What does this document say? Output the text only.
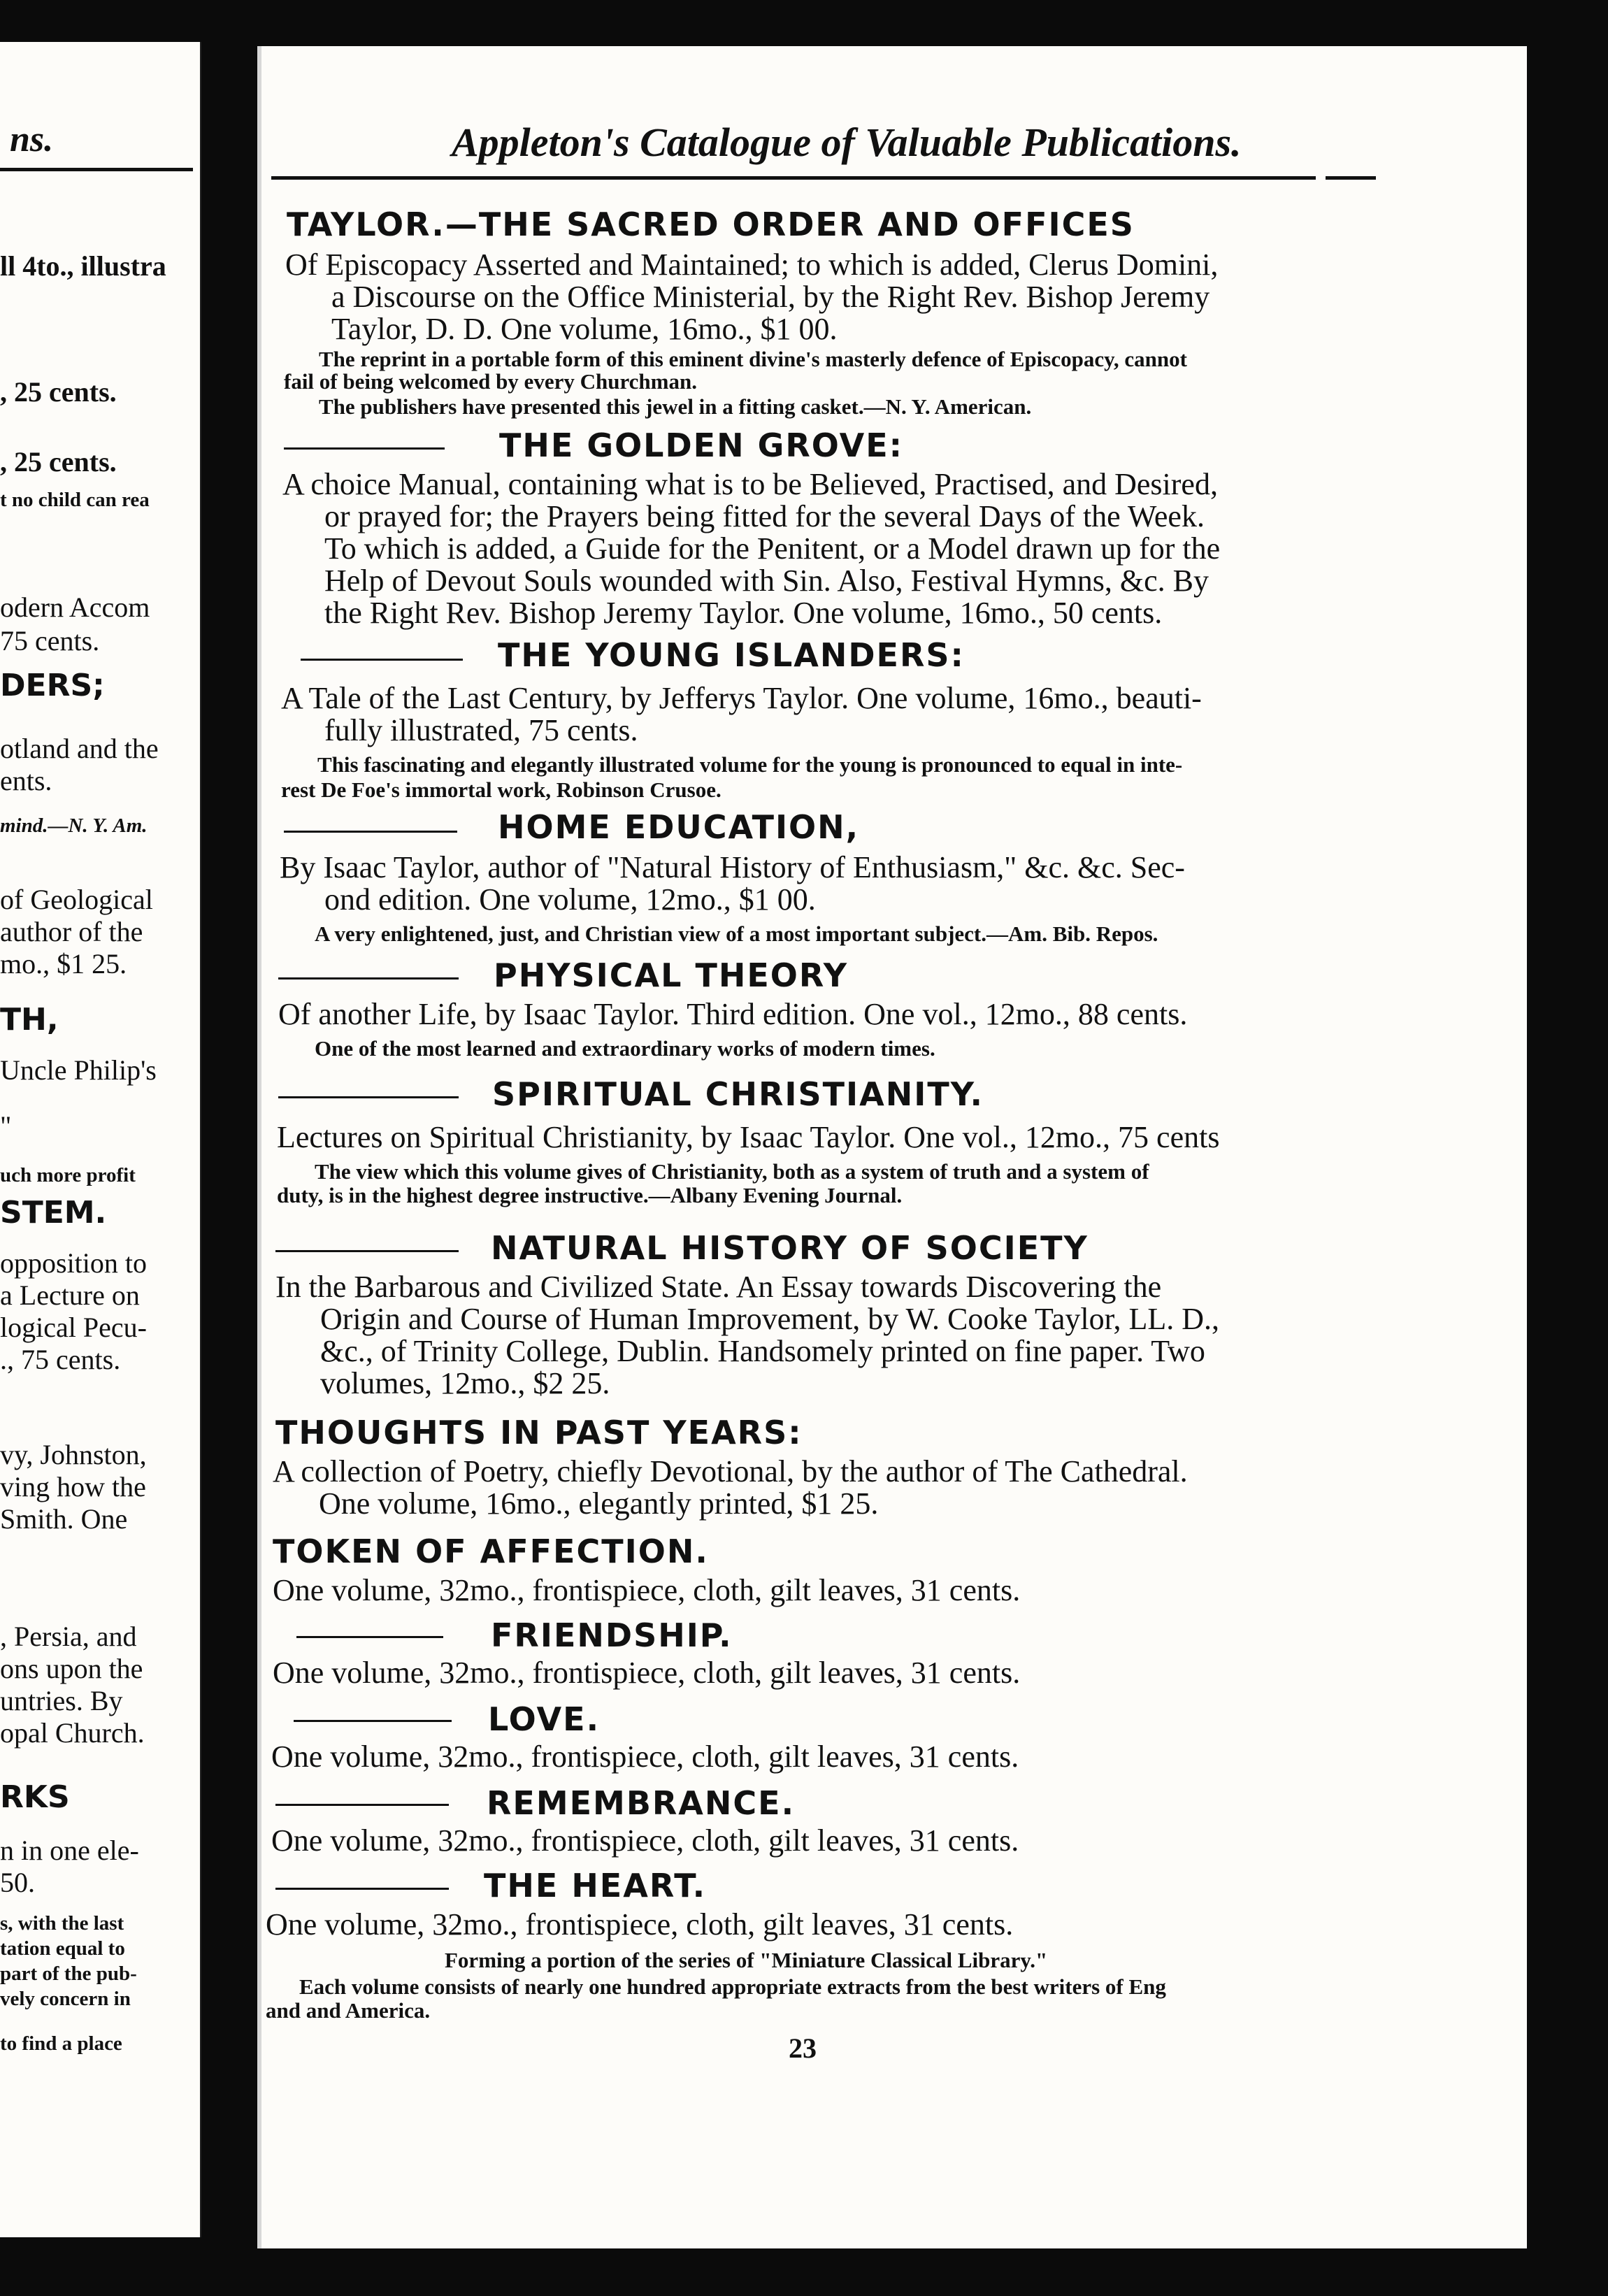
ns.
ll 4to., illustra
, 25 cents.
, 25 cents.
t no child can rea
odern Accom
75 cents.
DERS;
otland and the
ents.
mind.—N. Y. Am.
of Geological
author of the
mo., $1 25.
TH,
Uncle Philip's
"
uch more profit
STEM.
opposition to
a Lecture on
logical Pecu-
., 75 cents.
vy, Johnston,
ving how the
Smith. One
, Persia, and
ons upon the
untries. By
opal Church.
RKS
n in one ele-
50.
s, with the last
tation equal to
part of the pub-
vely concern in
to find a place
Appleton's Catalogue of Valuable Publications.
TAYLOR.—THE SACRED ORDER AND OFFICES
Of Episcopacy Asserted and Maintained; to which is added, Clerus Domini,
a Discourse on the Office Ministerial, by the Right Rev. Bishop Jeremy
Taylor, D. D. One volume, 16mo., $1 00.
The reprint in a portable form of this eminent divine's masterly defence of Episcopacy, cannot
fail of being welcomed by every Churchman.
The publishers have presented this jewel in a fitting casket.—N. Y. American.
THE GOLDEN GROVE:
A choice Manual, containing what is to be Believed, Practised, and Desired,
or prayed for; the Prayers being fitted for the several Days of the Week.
To which is added, a Guide for the Penitent, or a Model drawn up for the
Help of Devout Souls wounded with Sin. Also, Festival Hymns, &c. By
the Right Rev. Bishop Jeremy Taylor. One volume, 16mo., 50 cents.
THE YOUNG ISLANDERS:
A Tale of the Last Century, by Jefferys Taylor. One volume, 16mo., beauti-
fully illustrated, 75 cents.
This fascinating and elegantly illustrated volume for the young is pronounced to equal in inte-
rest De Foe's immortal work, Robinson Crusoe.
HOME EDUCATION,
By Isaac Taylor, author of "Natural History of Enthusiasm," &c. &c. Sec-
ond edition. One volume, 12mo., $1 00.
A very enlightened, just, and Christian view of a most important subject.—Am. Bib. Repos.
PHYSICAL THEORY
Of another Life, by Isaac Taylor. Third edition. One vol., 12mo., 88 cents.
One of the most learned and extraordinary works of modern times.
SPIRITUAL CHRISTIANITY.
Lectures on Spiritual Christianity, by Isaac Taylor. One vol., 12mo., 75 cents
The view which this volume gives of Christianity, both as a system of truth and a system of
duty, is in the highest degree instructive.—Albany Evening Journal.
NATURAL HISTORY OF SOCIETY
In the Barbarous and Civilized State. An Essay towards Discovering the
Origin and Course of Human Improvement, by W. Cooke Taylor, LL. D.,
&c., of Trinity College, Dublin. Handsomely printed on fine paper. Two
volumes, 12mo., $2 25.
THOUGHTS IN PAST YEARS:
A collection of Poetry, chiefly Devotional, by the author of The Cathedral.
One volume, 16mo., elegantly printed, $1 25.
TOKEN OF AFFECTION.
One volume, 32mo., frontispiece, cloth, gilt leaves, 31 cents.
FRIENDSHIP.
One volume, 32mo., frontispiece, cloth, gilt leaves, 31 cents.
LOVE.
One volume, 32mo., frontispiece, cloth, gilt leaves, 31 cents.
REMEMBRANCE.
One volume, 32mo., frontispiece, cloth, gilt leaves, 31 cents.
THE HEART.
One volume, 32mo., frontispiece, cloth, gilt leaves, 31 cents.
Forming a portion of the series of "Miniature Classical Library."
Each volume consists of nearly one hundred appropriate extracts from the best writers of Eng
and and America.
23
